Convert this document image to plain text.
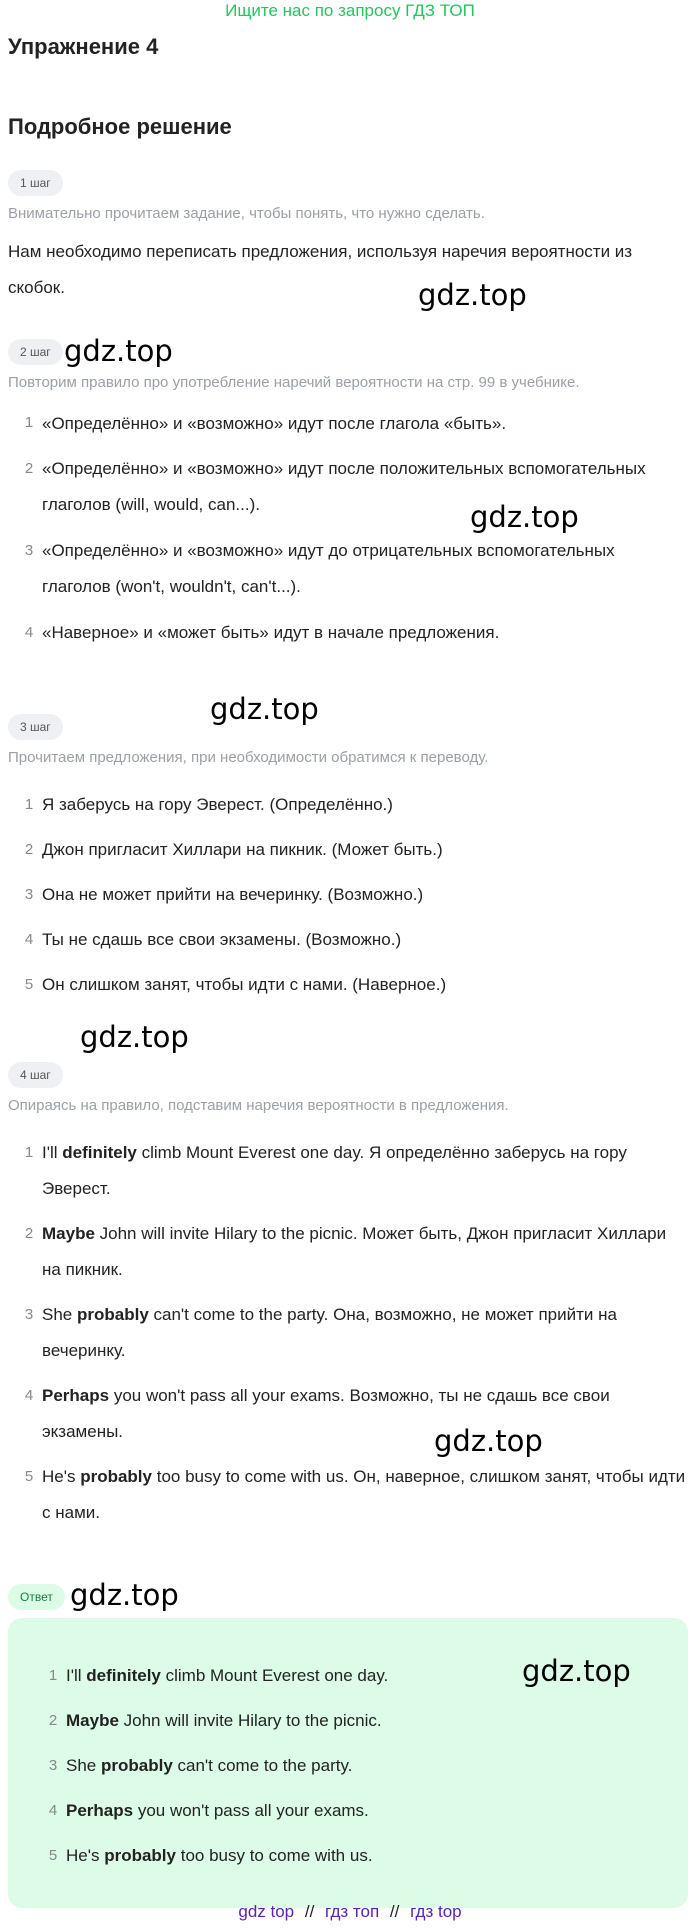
Ищите нас по запросу ГДЗ ТОП
Упражнение 4
Подробное решение
1 шаг
Внимательно прочитаем задание, чтобы понять, что нужно сделать.
Нам необходимо переписать предложения, используя наречия вероятности из скобок.	gdz.top
2 шаг gdz.top
Повторим правило про употребление наречий вероятности на стр. 99 в учебнике.
1 «Определённо» и «возможно» идут после глагола «быть».
2 «Определённо» и «возможно» идут после положительных вспомогательных глаголов (will, would, can...).
3 «Определённо» и «возможно» идут до отрицательных вспомогательных глаголов (won't, wouldn't, can't...).
4 «Наверное» и «может быть» идут в начале предложения.
gdz.top
gdz.top
3 шаг
Прочитаем предложения, при необходимости обратимся к переводу.
1 Я заберусь на гору Эверест. (Определённо.)
2 Джон пригласит Хиллари на пикник. (Может быть.)
3 Она не может прийти на вечеринку. (Возможно.)
4 Ты не сдашь все свои экзамены. (Возможно.)
5 Он слишком занят, чтобы идти с нами. (Наверное.)
gdz.top
4 шаг
Опираясь на правило, подставим наречия вероятности в предложения.
1 I'll definitely climb Mount Everest one day. Я определённо заберусь на гору Эверест.
2 Maybe John will invite Hilary to the picnic. Может быть, Джон пригласит Хиллари на пикник.
3 She probably can't come to the party. Она, возможно, не может прийти на вечеринку.
4 Perhaps you won't pass all your exams. Возможно, ты не сдашь все свои экзамены.
5 He's probably too busy to come with us. Он, наверное, слишком занят, чтобы идти с нами.
gdz.top
Ответ gdz.top
1 I'll definitely climb Mount Everest one day.
2 Maybe John will invite Hilary to the picnic.
3 She probably can't come to the party.
4 Perhaps you won't pass all your exams.
5 He's probably too busy to come with us.
gdz.top
gdz top // гдз топ // гдз top
